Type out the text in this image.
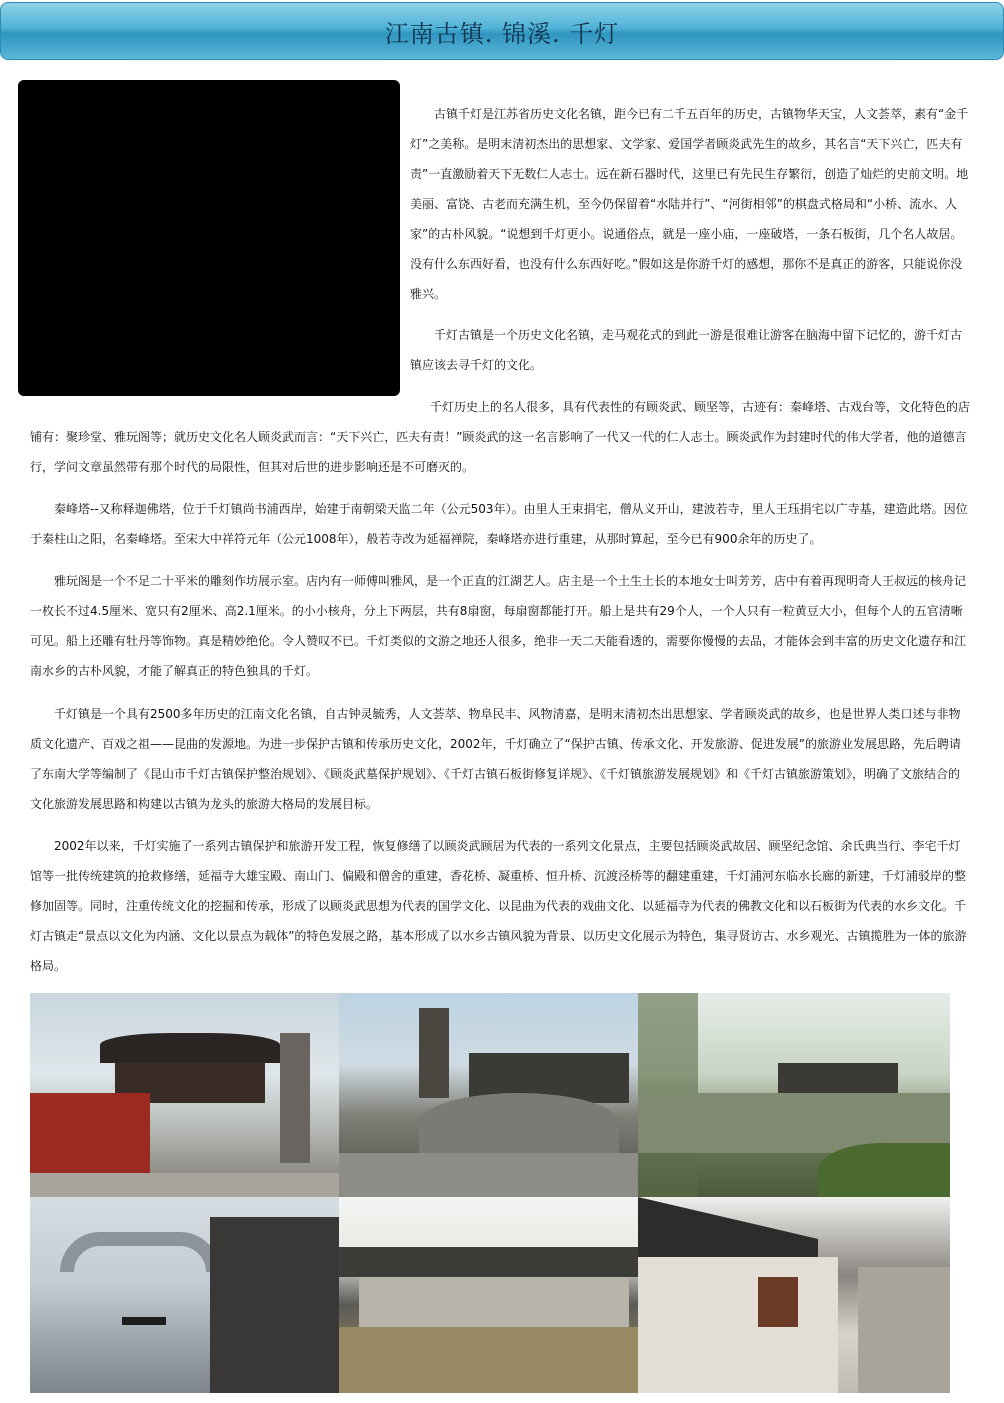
江南古镇. 锦溪. 千灯

古镇千灯是江苏省历史文化名镇，距今已有二千五百年的历史，古镇物华天宝，人文荟萃，素有“金千灯”之美称。是明末清初杰出的思想家、文学家、爱国学者顾炎武先生的故乡，其名言“天下兴亡，匹夫有责”一直激励着天下无数仁人志士。远在新石器时代，这里已有先民生存繁衍，创造了灿烂的史前文明。地美丽、富饶、古老而充满生机，至今仍保留着“水陆并行”、“河街相邻”的棋盘式格局和“小桥、流水、人家”的古朴风貌。“说想到千灯更小。说通俗点，就是一座小庙，一座破塔，一条石板街，几个名人故居。没有什么东西好看，也没有什么东西好吃。”假如这是你游千灯的感想，那你不是真正的游客，只能说你没雅兴。

千灯古镇是一个历史文化名镇，走马观花式的到此一游是很难让游客在脑海中留下记忆的，游千灯古镇应该去寻千灯的文化。

千灯历史上的名人很多，具有代表性的有顾炎武、顾坚等，古迹有：秦峰塔、古戏台等，文化特色的店铺有：聚珍堂、雅玩阁等；就历史文化名人顾炎武而言：“天下兴亡，匹夫有责！”顾炎武的这一名言影响了一代又一代的仁人志士。顾炎武作为封建时代的伟大学者，他的道德言行，学问文章虽然带有那个时代的局限性，但其对后世的进步影响还是不可磨灭的。

秦峰塔--又称释迦佛塔，位于千灯镇尚书浦西岸，始建于南朝梁天监二年（公元503年）。由里人王束捐宅，僧从义开山，建波若寺，里人王珏捐宅以广寺基，建造此塔。因位于秦柱山之阳，名秦峰塔。至宋大中祥符元年（公元1008年），般若寺改为延福禅院，秦峰塔亦进行重建，从那时算起，至今已有900余年的历史了。

雅玩阁是一个不足二十平米的雕刻作坊展示室。店内有一师傅叫雅风，是一个正直的江湖艺人。店主是一个土生土长的本地女士叫芳芳，店中有着再现明奇人王叔远的核舟记一枚长不过4.5厘米、宽只有2厘米、高2.1厘米。的小小核舟，分上下两层，共有8扇窗，每扇窗都能打开。船上是共有29个人，一个人只有一粒黄豆大小，但每个人的五官清晰可见。船上还雕有牡丹等饰物。真是精妙绝伦。令人赞叹不已。千灯类似的文游之地还人很多，绝非一天二天能看透的，需要你慢慢的去品，才能体会到丰富的历史文化遗存和江南水乡的古朴风貌，才能了解真正的特色独具的千灯。

千灯镇是一个具有2500多年历史的江南文化名镇，自古钟灵毓秀，人文荟萃、物阜民丰、风物清嘉，是明末清初杰出思想家、学者顾炎武的故乡，也是世界人类口述与非物质文化遗产、百戏之祖——昆曲的发源地。为进一步保护古镇和传承历史文化，2002年，千灯确立了“保护古镇、传承文化、开发旅游、促进发展”的旅游业发展思路，先后聘请了东南大学等编制了《昆山市千灯古镇保护整治规划》、《顾炎武墓保护规划》、《千灯古镇石板街修复详规》、《千灯镇旅游发展规划》和《千灯古镇旅游策划》，明确了文旅结合的文化旅游发展思路和构建以古镇为龙头的旅游大格局的发展目标。

2002年以来，千灯实施了一系列古镇保护和旅游开发工程，恢复修缮了以顾炎武顾居为代表的一系列文化景点，主要包括顾炎武故居、顾坚纪念馆、余氏典当行、李宅千灯馆等一批传统建筑的抢救修缮，延福寺大雄宝殿、南山门、偏殿和僧舍的重建，香花桥、凝重桥、恒升桥、沉渡泾桥等的翻建重建，千灯浦河东临水长廊的新建，千灯浦驳岸的整修加固等。同时，注重传统文化的挖掘和传承，形成了以顾炎武思想为代表的国学文化、以昆曲为代表的戏曲文化、以延福寺为代表的佛教文化和以石板街为代表的水乡文化。千灯古镇走“景点以文化为内涵、文化以景点为载体”的特色发展之路，基本形成了以水乡古镇风貌为背景、以历史文化展示为特色，集寻贤访古、水乡观光、古镇揽胜为一体的旅游格局。
